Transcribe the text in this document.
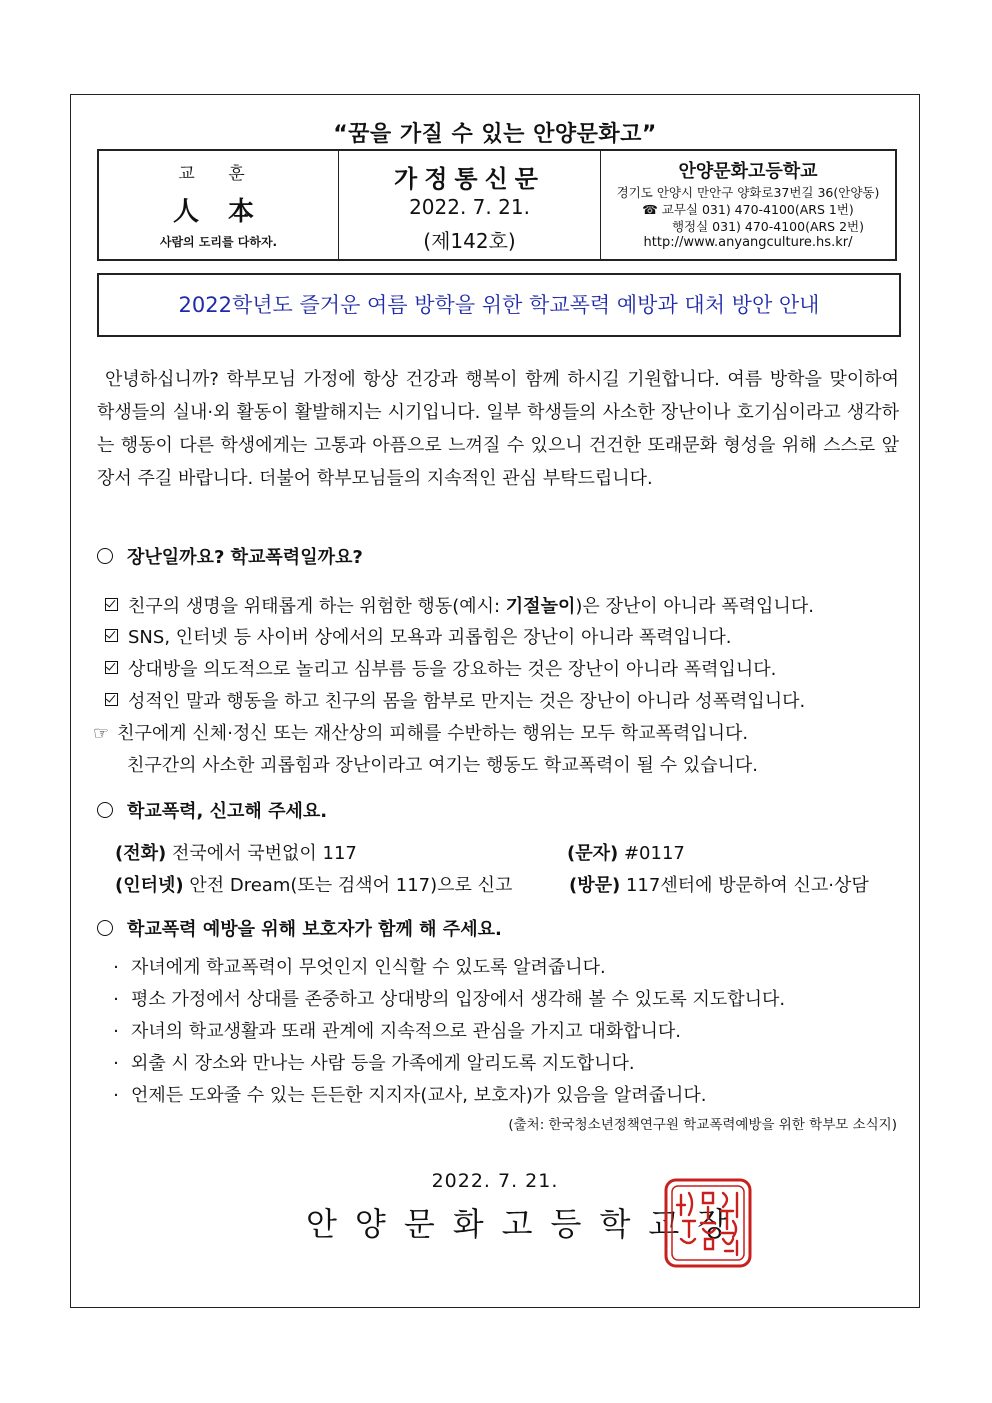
“꿈을 가질 수 있는 안양문화고”
교 훈
人 本
사람의 도리를 다하자.
가정통신문
2022. 7. 21.
(제142호)
안양문화고등학교
경기도 안양시 만안구 양화로37번길 36(안양동)
☎ 교무실 031) 470-4100(ARS 1번)
행정실 031) 470-4100(ARS 2번)
http://www.anyangculture.hs.kr/
2022학년도 즐거운 여름 방학을 위한 학교폭력 예방과 대처 방안 안내
안녕하십니까? 학부모님 가정에 항상 건강과 행복이 함께 하시길 기원합니다. 여름 방학을 맞이하여 학생들의 실내·외 활동이 활발해지는 시기입니다. 일부 학생들의 사소한 장난이나 호기심이라고 생각하는 행동이 다른 학생에게는 고통과 아픔으로 느껴질 수 있으니 건건한 또래문화 형성을 위해 스스로 앞장서 주길 바랍니다. 더불어 학부모님들의 지속적인 관심 부탁드립니다.
장난일까요? 학교폭력일까요?
친구의 생명을 위태롭게 하는 위험한 행동(예시: 기절놀이)은 장난이 아니라 폭력입니다.
SNS, 인터넷 등 사이버 상에서의 모욕과 괴롭힘은 장난이 아니라 폭력입니다.
상대방을 의도적으로 놀리고 심부름 등을 강요하는 것은 장난이 아니라 폭력입니다.
성적인 말과 행동을 하고 친구의 몸을 함부로 만지는 것은 장난이 아니라 성폭력입니다.
☞ 친구에게 신체·정신 또는 재산상의 피해를 수반하는 행위는 모두 학교폭력입니다.
친구간의 사소한 괴롭힘과 장난이라고 여기는 행동도 학교폭력이 될 수 있습니다.
학교폭력, 신고해 주세요.
(전화) 전국에서 국번없이 117	(문자) #0117
(인터넷) 안전 Dream(또는 검색어 117)으로 신고	(방문) 117센터에 방문하여 신고·상담
학교폭력 예방을 위해 보호자가 함께 해 주세요.
· 자녀에게 학교폭력이 무엇인지 인식할 수 있도록 알려줍니다.
· 평소 가정에서 상대를 존중하고 상대방의 입장에서 생각해 볼 수 있도록 지도합니다.
· 자녀의 학교생활과 또래 관계에 지속적으로 관심을 가지고 대화합니다.
· 외출 시 장소와 만나는 사람 등을 가족에게 알리도록 지도합니다.
· 언제든 도와줄 수 있는 든든한 지지자(교사, 보호자)가 있음을 알려줍니다.
(출처: 한국청소년정책연구원 학교폭력예방을 위한 학부모 소식지)
2022. 7. 21.
안양문화고등학교장
